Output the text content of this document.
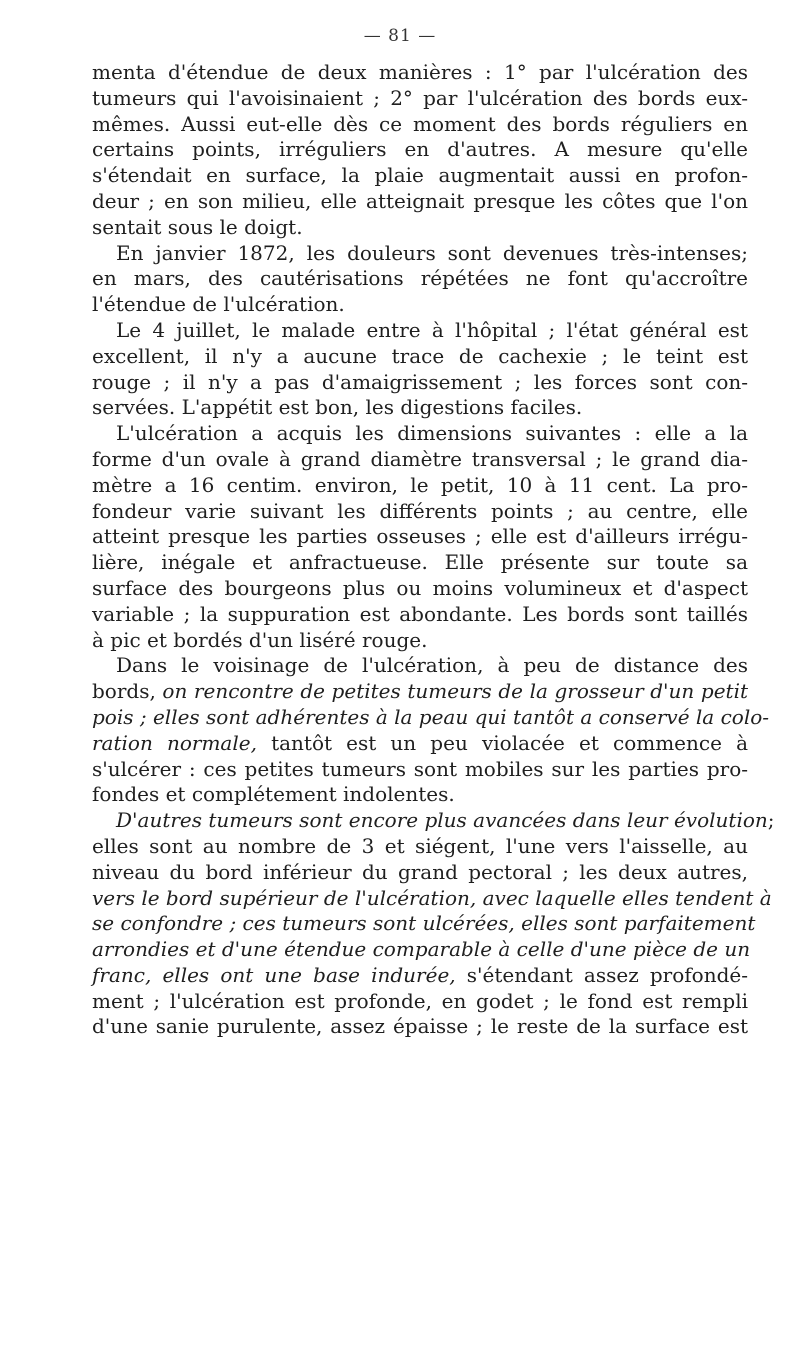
— 81 —
menta d'étendue de deux manières : 1° par l'ulcération des
tumeurs qui l'avoisinaient ; 2° par l'ulcération des bords eux-
mêmes. Aussi eut-elle dès ce moment des bords réguliers en
certains points, irréguliers en d'autres. A mesure qu'elle
s'étendait en surface, la plaie augmentait aussi en profon-
deur ; en son milieu, elle atteignait presque les côtes que l'on
sentait sous le doigt.
En janvier 1872, les douleurs sont devenues très-intenses;
en mars, des cautérisations répétées ne font qu'accroître
l'étendue de l'ulcération.
Le 4 juillet, le malade entre à l'hôpital ; l'état général est
excellent, il n'y a aucune trace de cachexie ; le teint est
rouge ; il n'y a pas d'amaigrissement ; les forces sont con-
servées. L'appétit est bon, les digestions faciles.
L'ulcération a acquis les dimensions suivantes : elle a la
forme d'un ovale à grand diamètre transversal ; le grand dia-
mètre a 16 centim. environ, le petit, 10 à 11 cent. La pro-
fondeur varie suivant les différents points ; au centre, elle
atteint presque les parties osseuses ; elle est d'ailleurs irrégu-
lière, inégale et anfractueuse. Elle présente sur toute sa
surface des bourgeons plus ou moins volumineux et d'aspect
variable ; la suppuration est abondante. Les bords sont taillés
à pic et bordés d'un liséré rouge.
Dans le voisinage de l'ulcération, à peu de distance des
bords, on rencontre de petites tumeurs de la grosseur d'un petit
pois ; elles sont adhérentes à la peau qui tantôt a conservé la colo-
ration normale, tantôt est un peu violacée et commence à
s'ulcérer : ces petites tumeurs sont mobiles sur les parties pro-
fondes et complétement indolentes.
D'autres tumeurs sont encore plus avancées dans leur évolution;
elles sont au nombre de 3 et siégent, l'une vers l'aisselle, au
niveau du bord inférieur du grand pectoral ; les deux autres,
vers le bord supérieur de l'ulcération, avec laquelle elles tendent à
se confondre ; ces tumeurs sont ulcérées, elles sont parfaitement
arrondies et d'une étendue comparable à celle d'une pièce de un
franc, elles ont une base indurée, s'étendant assez profondé-
ment ; l'ulcération est profonde, en godet ; le fond est rempli
d'une sanie purulente, assez épaisse ; le reste de la surface est
